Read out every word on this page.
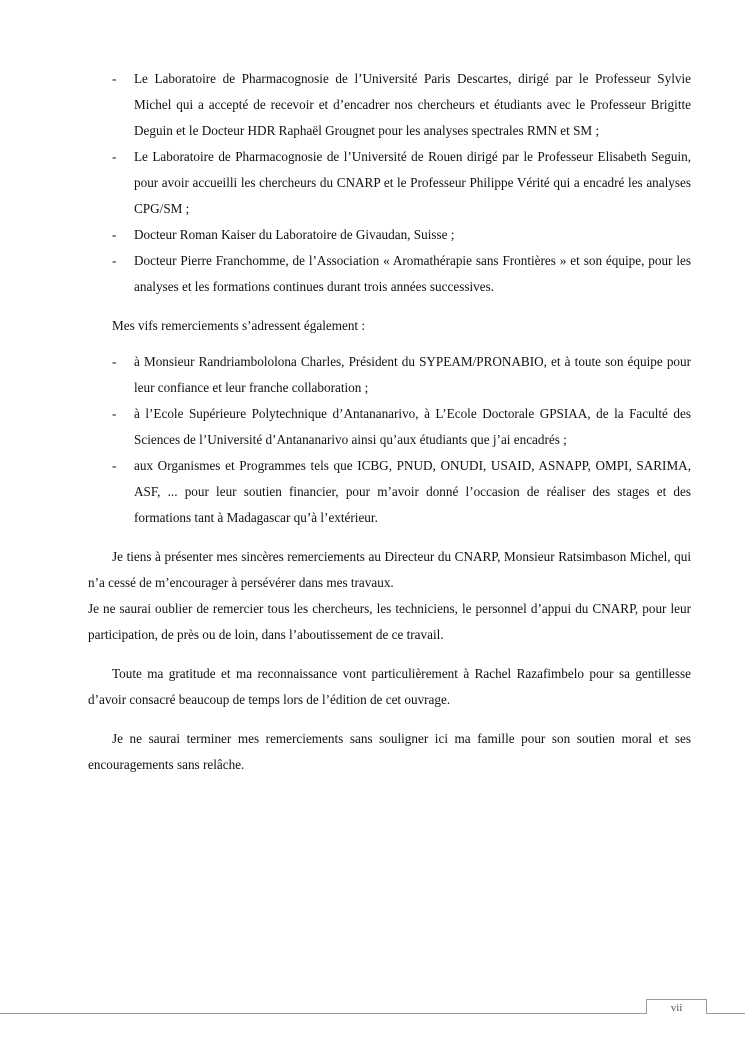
- Le Laboratoire de Pharmacognosie de l’Université Paris Descartes, dirigé par le Professeur Sylvie Michel qui a accepté de recevoir et d’encadrer nos chercheurs et étudiants avec le Professeur Brigitte Deguin et le Docteur HDR Raphaël Grougnet pour les analyses spectrales RMN et SM ;
- Le Laboratoire de Pharmacognosie de l’Université de Rouen dirigé par le Professeur Elisabeth Seguin, pour avoir accueilli les chercheurs du CNARP et le Professeur Philippe Vérité qui a encadré les analyses CPG/SM ;
- Docteur Roman Kaiser du Laboratoire de Givaudan, Suisse ;
- Docteur Pierre Franchomme, de l’Association « Aromathérapie sans Frontières » et son équipe, pour les analyses et les formations continues durant trois années successives.
Mes vifs remerciements s’adressent également :
- à Monsieur Randriambololona Charles, Président du SYPEAM/PRONABIO, et à toute son équipe pour leur confiance et leur franche collaboration ;
- à l’Ecole Supérieure Polytechnique d’Antananarivo, à L’Ecole Doctorale GPSIAA, de la Faculté des Sciences de l’Université d’Antananarivo ainsi qu’aux étudiants que j’ai encadrés ;
- aux Organismes et Programmes tels que ICBG, PNUD, ONUDI, USAID, ASNAPP, OMPI, SARIMA, ASF, ... pour leur soutien financier, pour m’avoir donné l’occasion de réaliser des stages et des formations tant à Madagascar qu’à l’extérieur.

Je tiens à présenter mes sincères remerciements au Directeur du CNARP, Monsieur Ratsimbason Michel, qui n’a cessé de m’encourager à persévérer dans mes travaux.

Je ne saurai oublier de remercier tous les chercheurs, les techniciens, le personnel d’appui du CNARP, pour leur participation, de près ou de loin, dans l’aboutissement de ce travail.

Toute ma gratitude et ma reconnaissance vont particulièrement à Rachel Razafimbelo pour sa gentillesse d’avoir consacré beaucoup de temps lors de l’édition de cet ouvrage.

Je ne saurai terminer mes remerciements sans souligner ici ma famille pour son soutien moral et ses encouragements sans relâche.

vii
